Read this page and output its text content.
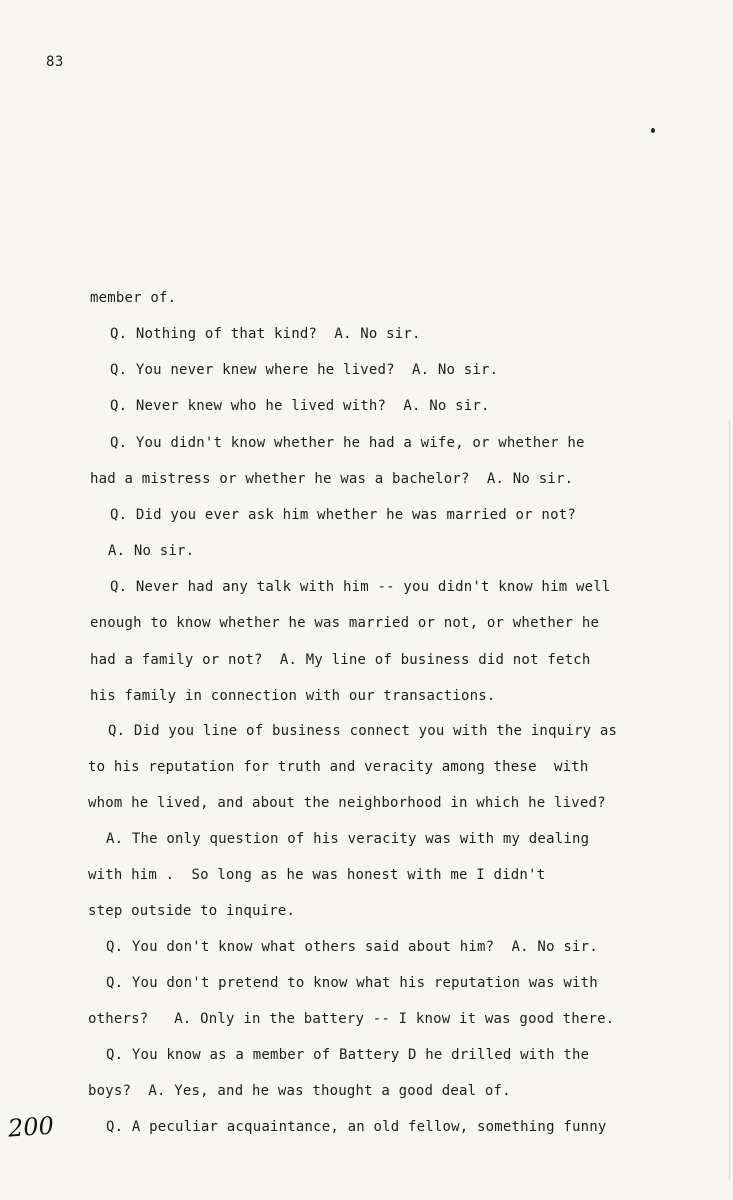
83
member of.
Q. Nothing of that kind?  A. No sir.
Q. You never knew where he lived?  A. No sir.
Q. Never knew who he lived with?  A. No sir.
Q. You didn't know whether he had a wife, or whether he
had a mistress or whether he was a bachelor?  A. No sir.
Q. Did you ever ask him whether he was married or not?
A. No sir.
Q. Never had any talk with him -- you didn't know him well
enough to know whether he was married or not, or whether he
had a family or not?  A. My line of business did not fetch
his family in connection with our transactions.
Q. Did you line of business connect you with the inquiry as
to his reputation for truth and veracity among these  with
whom he lived, and about the neighborhood in which he lived?
A. The only question of his veracity was with my dealing
with him .  So long as he was honest with me I didn't
step outside to inquire.
Q. You don't know what others said about him?  A. No sir.
Q. You don't pretend to know what his reputation was with
others?   A. Only in the battery -- I know it was good there.
Q. You know as a member of Battery D he drilled with the
boys?  A. Yes, and he was thought a good deal of.
Q. A peculiar acquaintance, an old fellow, something funny
200
